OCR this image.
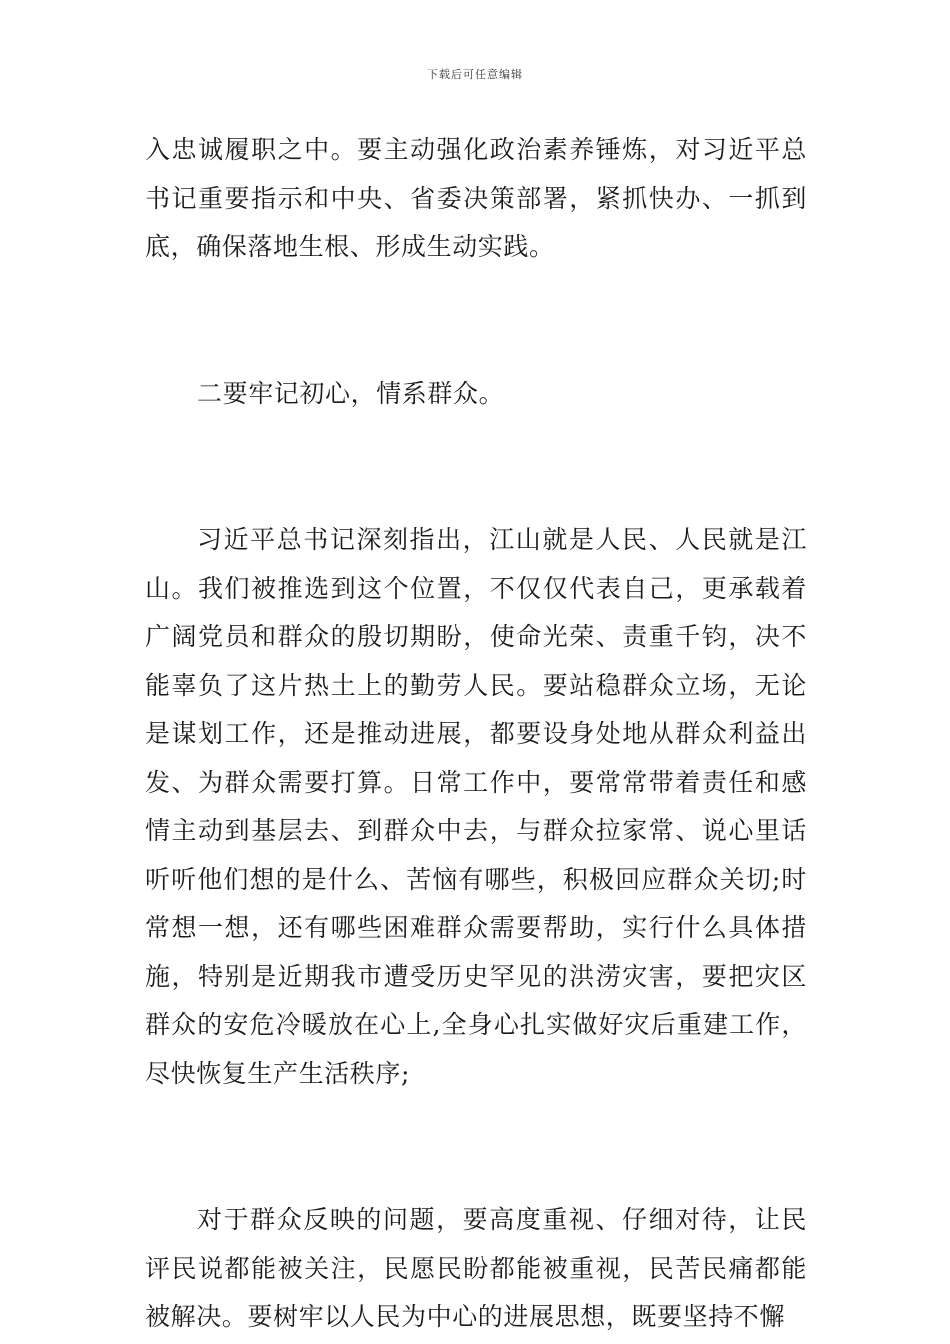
下载后可任意编辑

入忠诚履职之中。要主动强化政治素养锤炼，对习近平总书记重要指示和中央、省委决策部署，紧抓快办、一抓到底，确保落地生根、形成生动实践。

二要牢记初心，情系群众。

习近平总书记深刻指出，江山就是人民、人民就是江山。我们被推选到这个位置，不仅仅代表自己，更承载着广阔党员和群众的殷切期盼，使命光荣、责重千钧，决不能辜负了这片热土上的勤劳人民。要站稳群众立场，无论是谋划工作，还是推动进展，都要设身处地从群众利益出发、为群众需要打算。日常工作中，要常常带着责任和感情主动到基层去、到群众中去，与群众拉家常、说心里话听听他们想的是什么、苦恼有哪些，积极回应群众关切;时常想一想，还有哪些困难群众需要帮助，实行什么具体措施，特别是近期我市遭受历史罕见的洪涝灾害，要把灾区群众的安危冷暖放在心上,全身心扎实做好灾后重建工作，尽快恢复生产生活秩序;

对于群众反映的问题，要高度重视、仔细对待，让民评民说都能被关注，民愿民盼都能被重视，民苦民痛都能被解决。要树牢以人民为中心的进展思想，既要坚持不懈
